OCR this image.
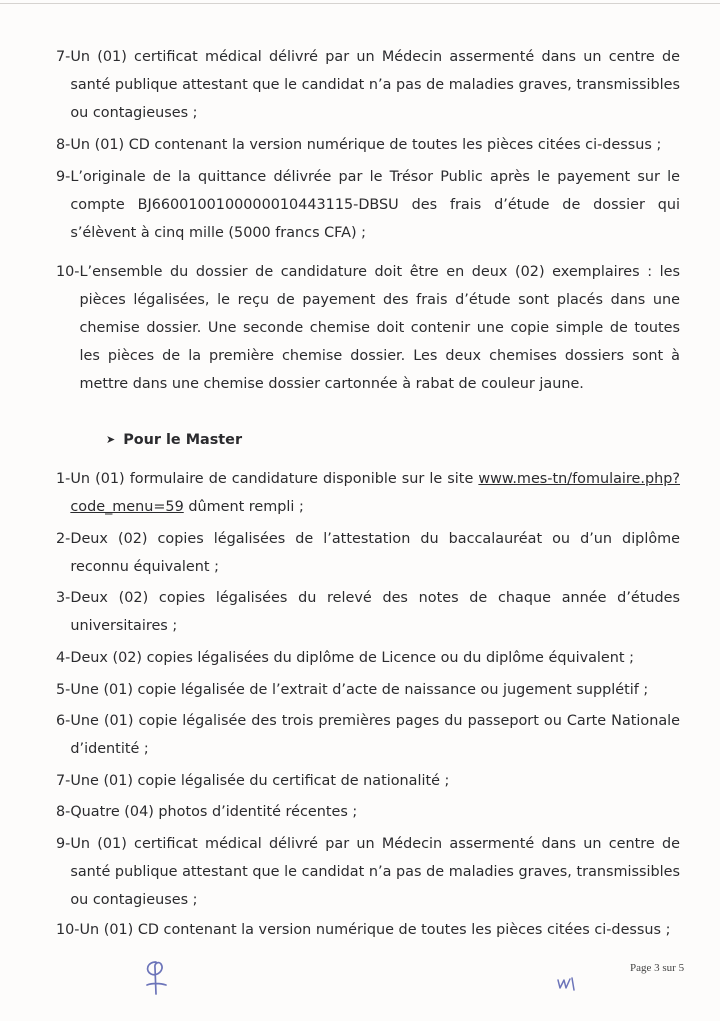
7- Un (01) certificat médical délivré par un Médecin assermenté dans un centre de santé publique attestant que le candidat n’a pas de maladies graves, transmissibles ou contagieuses ;
8- Un (01) CD contenant la version numérique de toutes les pièces citées ci-dessus ;
9- L’originale de la quittance délivrée par le Trésor Public après le payement sur le compte BJ6600100100000010443115-DBSU des frais d’étude de dossier qui s’élèvent à cinq mille (5000 francs CFA) ;
10- L’ensemble du dossier de candidature doit être en deux (02) exemplaires : les pièces légalisées, le reçu de payement des frais d’étude sont placés dans une chemise dossier. Une seconde chemise doit contenir une copie simple de toutes les pièces de la première chemise dossier. Les deux chemises dossiers sont à mettre dans une chemise dossier cartonnée à rabat de couleur jaune.
➤ Pour le Master
1- Un (01) formulaire de candidature disponible sur le site www.mes-tn/fomulaire.php?code_menu=59 dûment rempli ;
2- Deux (02) copies légalisées de l’attestation du baccalauréat ou d’un diplôme reconnu équivalent ;
3- Deux (02) copies légalisées du relevé des notes de chaque année d’études universitaires ;
4- Deux (02) copies légalisées du diplôme de Licence ou du diplôme équivalent ;
5- Une (01) copie légalisée de l’extrait d’acte de naissance ou jugement supplétif ;
6- Une (01) copie légalisée des trois premières pages du passeport ou Carte Nationale d’identité ;
7- Une (01) copie légalisée du certificat de nationalité ;
8- Quatre (04) photos d’identité récentes ;
9- Un (01) certificat médical délivré par un Médecin assermenté dans un centre de santé publique attestant que le candidat n’a pas de maladies graves, transmissibles ou contagieuses ;
10- Un (01) CD contenant la version numérique de toutes les pièces citées ci-dessus ;
Page 3 sur 5
